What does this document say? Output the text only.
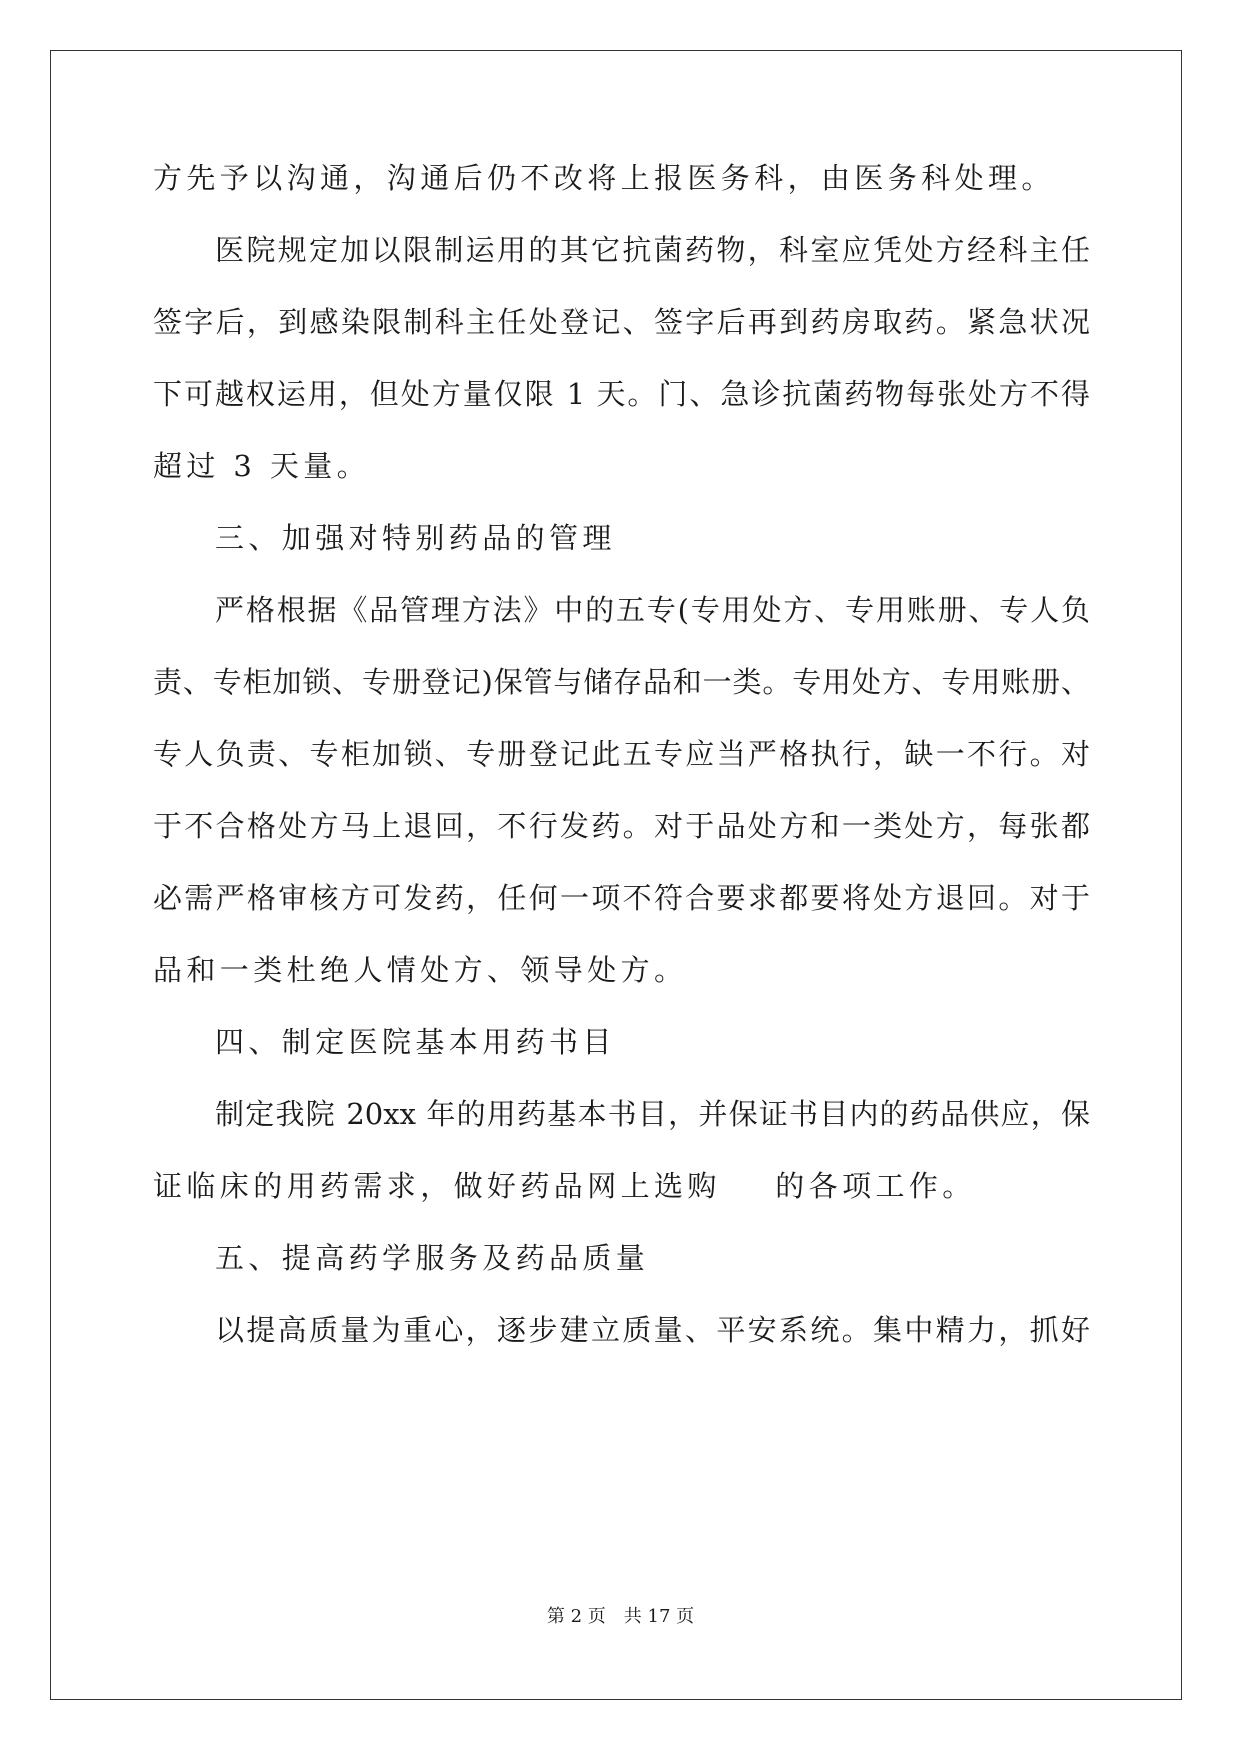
方先予以沟通，沟通后仍不改将上报医务科，由医务科处理。
医院规定加以限制运用的其它抗菌药物，科室应凭处方经科主任
签字后，到感染限制科主任处登记、签字后再到药房取药。紧急状况
下可越权运用，但处方量仅限 1 天。门、急诊抗菌药物每张处方不得
超过 3 天量。
三、加强对特别药品的管理
严格根据《品管理方法》中的五专(专用处方、专用账册、专人负
责、专柜加锁、专册登记)保管与储存品和一类。专用处方、专用账册、
专人负责、专柜加锁、专册登记此五专应当严格执行，缺一不行。对
于不合格处方马上退回，不行发药。对于品处方和一类处方，每张都
必需严格审核方可发药，任何一项不符合要求都要将处方退回。对于
品和一类杜绝人情处方、领导处方。
四、制定医院基本用药书目
制定我院 20xx 年的用药基本书目，并保证书目内的药品供应，保
证临床的用药需求，做好药品网上选购    的各项工作。
五、提高药学服务及药品质量
以提高质量为重心，逐步建立质量、平安系统。集中精力，抓好
第 2 页　共 17 页
